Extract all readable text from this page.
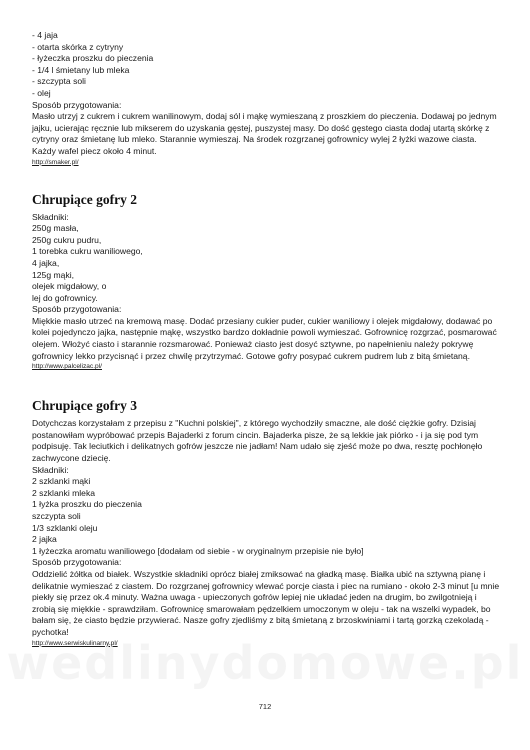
- 4 jaja
- otarta skórka z cytryny
- łyżeczka proszku do pieczenia
- 1/4 l śmietany lub mleka
- szczypta soli
- olej
Sposób przygotowania:
Masło utrzyj z cukrem i cukrem wanilinowym, dodaj sól i mąkę wymieszaną z proszkiem do pieczenia. Dodawaj po jednym jajku, ucierając ręcznie lub mikserem do uzyskania gęstej, puszystej masy. Do dość gęstego ciasta dodaj utartą skórkę z cytryny oraz śmietanę lub mleko. Starannie wymieszaj. Na środek rozgrzanej gofrownicy wylej 2 łyżki wazowe ciasta. Każdy wafel piecz około 4 minut.
http://smaker.pl/
Chrupiące gofry 2
Składniki:
250g masła,
250g cukru pudru,
1 torebka cukru waniliowego,
4 jajka,
125g mąki,
olejek migdałowy, o
lej do gofrownicy.
Sposób przygotowania:
Miękkie masło utrzeć na kremową masę. Dodać przesiany cukier puder, cukier waniliowy i olejek migdałowy, dodawać po kolei pojedynczo jajka, następnie mąkę, wszystko bardzo dokładnie powoli wymieszać. Gofrownicę rozgrzać, posmarować olejem. Włożyć ciasto i starannie rozsmarować. Ponieważ ciasto jest dosyć sztywne, po napełnieniu należy pokrywę gofrownicy lekko przycisnąć i przez chwilę przytrzymać. Gotowe gofry posypać cukrem pudrem lub z bitą śmietaną.
http://www.palcelizac.pl/
Chrupiące gofry 3
Dotychczas korzystałam z przepisu z "Kuchni polskiej", z którego wychodziły smaczne, ale dość ciężkie gofry. Dzisiaj postanowiłam wypróbować przepis Bajaderki z forum cincin. Bajaderka pisze, że są lekkie jak piórko - i ja się pod tym podpisuję. Tak leciutkich i delikatnych gofrów jeszcze nie jadłam! Nam udało się zjeść może po dwa, resztę pochłonęło zachwycone dziecię.
Składniki:
2 szklanki mąki
2 szklanki mleka
1 łyżka proszku do pieczenia
szczypta soli
1/3 szklanki oleju
2 jajka
1 łyżeczka aromatu waniliowego [dodałam od siebie - w oryginalnym przepisie nie było]
Sposób przygotowania:
Oddzielić żółtka od białek. Wszystkie składniki oprócz białej zmiksować na gładką masę. Białka ubić na sztywną pianę i delikatnie wymieszać z ciastem. Do rozgrzanej gofrownicy wlewać porcje ciasta i piec na rumiano - około 2-3 minut [u mnie piekły się przez ok.4 minuty. Ważna uwaga - upieczonych gofrów lepiej nie układać jeden na drugim, bo zwilgotnieją i zrobią się miękkie - sprawdziłam. Gofrownicę smarowałam pędzelkiem umoczonym w oleju - tak na wszelki wypadek, bo bałam się, że ciasto będzie przywierać. Nasze gofry zjedliśmy z bitą śmietaną z brzoskwiniami i tartą gorzką czekoladą - pychotka!
http://www.serwiskulinarny.pl/
712
